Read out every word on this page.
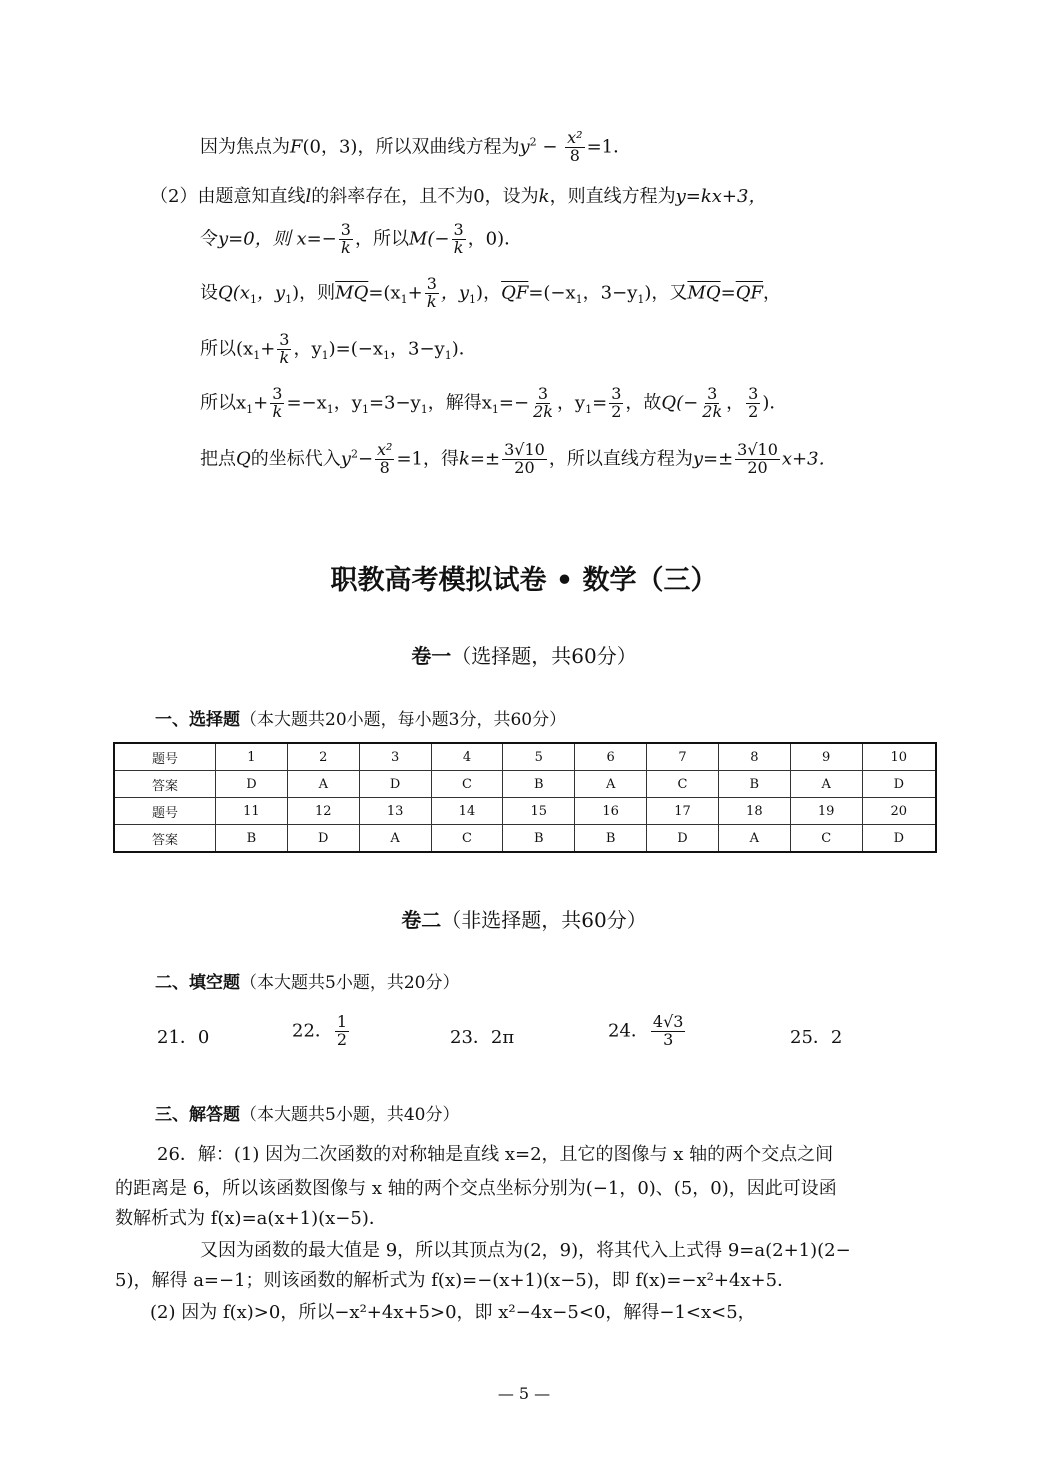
因为焦点为F(0，3)，所以双曲线方程为$y^2 - \frac{\text{x²}}{8} =1$．
（2）由题意知直线l的斜率存在，且不为0，设为k，则直线方程为y=kx+3，
令y=0，则 $x=- \frac{3}{k}$ ，所以$M(- \frac{3}{k}$ ，0)．
设$Q(x_1$，$y_1$)，则$\overline{MQ}=(x_1+ \frac{3}{k}$ ，$y_1$)，$\overline{QF}=(-x_1$，$3-y_1$)，又$\overline{MQ}=\overline{QF}$，
所以($x_1+ \frac{3}{k}$ ，$y_1)=(-x_1$，$3-y_1$)．
所以$x_1+ \frac{3}{k} =-x_1$，$y_1=3-y_1$，解得$x_1=- \frac{3}{2k}$ ，$y_1= \frac{3}{2}$ ，故$Q(- \frac{3}{2k}$ ， $\frac{3}{2}$ )．
把点Q的坐标代入$y^2- \frac{\text{x²}}{8} =1$，得$k=\pm \frac{3√10}{20}$ ，所以直线方程为$y=\pm \frac{3√10}{20} x+3$．
职教高考模拟试卷 • 数学（三）
卷一（选择题，共60分）
一、选择题（本大题共20小题，每小题3分，共60分）
题号	1	2	3	4	5	6	7	8	9	10
答案	D	A	D	C	B	A	C	B	A	D
题号	11	12	13	14	15	16	17	18	19	20
答案	B	D	A	C	B	B	D	A	C	D
卷二（非选择题，共60分）
二、填空题（本大题共5小题，共20分）
21．0	22． $\frac{1}{2}$	23．2π	24． $\frac{4√3}{3}$	25．2
三、解答题（本大题共5小题，共40分）
26．解：(1) 因为二次函数的对称轴是直线 x=2，且它的图像与 x 轴的两个交点之间
的距离是 6，所以该函数图像与 x 轴的两个交点坐标分别为(−1，0)、(5，0)，因此可设函
数解析式为 f(x)=a(x+1)(x−5)．
又因为函数的最大值是 9，所以其顶点为(2，9)，将其代入上式得 9=a(2+1)(2−
5)，解得 a=−1；则该函数的解析式为 f(x)=−(x+1)(x−5)，即 f(x)=−x²+4x+5．
(2) 因为 f(x)>0，所以−x²+4x+5>0，即 x²−4x−5<0，解得−1<x<5，
— 5 —
